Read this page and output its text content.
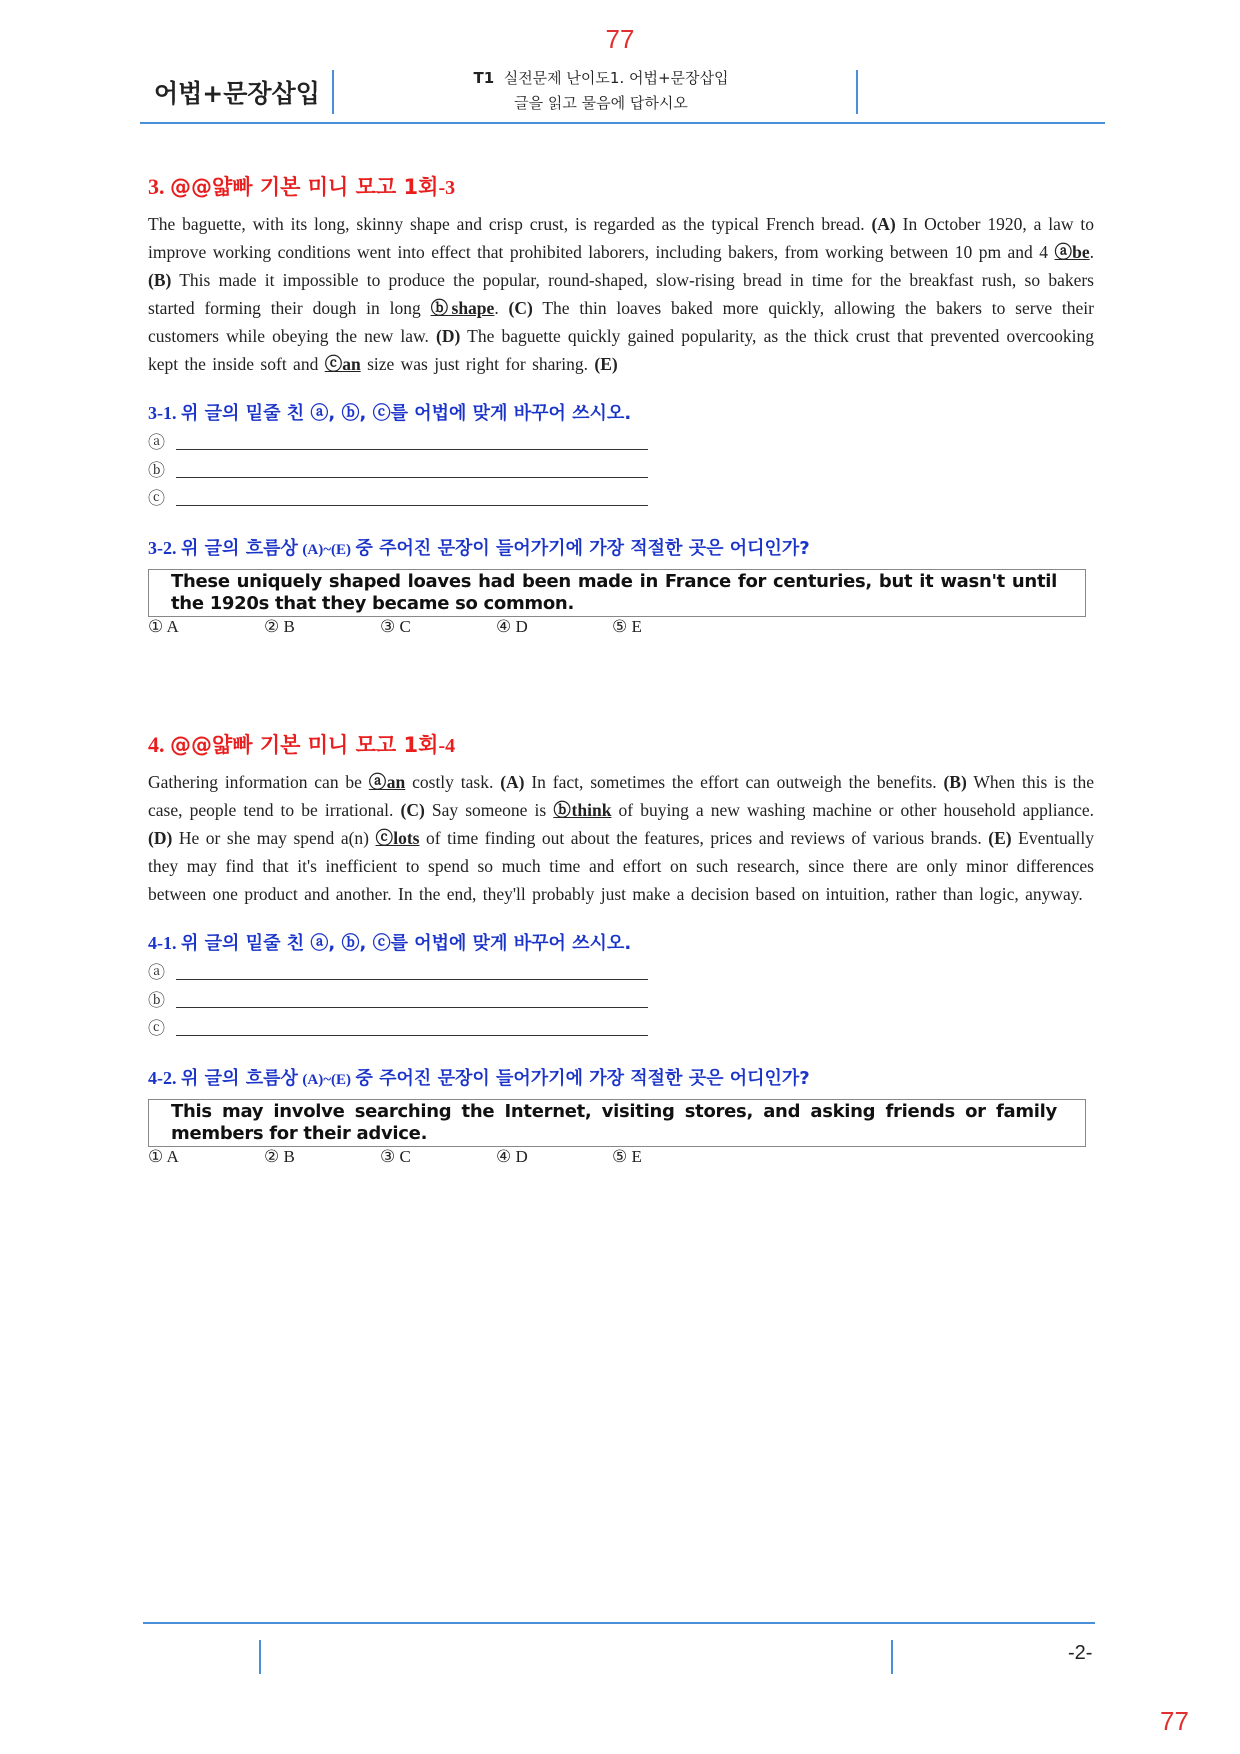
77
어법+문장삽입
T1 실전문제 난이도1. 어법+문장삽입
글을 읽고 물음에 답하시오
3. @@얇빠 기본 미니 모고 1회-3
The baguette, with its long, skinny shape and crisp crust, is regarded as the typical French bread. (A) In October 1920, a law to improve working conditions went into effect that prohibited laborers, including bakers, from working between 10 pm and 4 ⓐbe. (B) This made it impossible to produce the popular, round-shaped, slow-rising bread in time for the breakfast rush, so bakers started forming their dough in long ⓑshape. (C) The thin loaves baked more quickly, allowing the bakers to serve their customers while obeying the new law. (D) The baguette quickly gained popularity, as the thick crust that prevented overcooking kept the inside soft and ⓒan size was just right for sharing. (E)
3-1. 위 글의 밑줄 친 ⓐ, ⓑ, ⓒ를 어법에 맞게 바꾸어 쓰시오.
ⓐ
ⓑ
ⓒ
3-2. 위 글의 흐름상 (A)~(E) 중 주어진 문장이 들어가기에 가장 적절한 곳은 어디인가?
These uniquely shaped loaves had been made in France for centuries, but it wasn't until the 1920s that they became so common.
① A	② B	③ C	④ D	⑤ E
4. @@얇빠 기본 미니 모고 1회-4
Gathering information can be ⓐan costly task. (A) In fact, sometimes the effort can outweigh the benefits. (B) When this is the case, people tend to be irrational. (C) Say someone is ⓑthink of buying a new washing machine or other household appliance. (D) He or she may spend a(n) ⓒlots of time finding out about the features, prices and reviews of various brands. (E) Eventually they may find that it's inefficient to spend so much time and effort on such research, since there are only minor differences between one product and another. In the end, they'll probably just make a decision based on intuition, rather than logic, anyway.
4-1. 위 글의 밑줄 친 ⓐ, ⓑ, ⓒ를 어법에 맞게 바꾸어 쓰시오.
ⓐ
ⓑ
ⓒ
4-2. 위 글의 흐름상 (A)~(E) 중 주어진 문장이 들어가기에 가장 적절한 곳은 어디인가?
This may involve searching the Internet, visiting stores, and asking friends or family members for their advice.
① A	② B	③ C	④ D	⑤ E
-2-
77
